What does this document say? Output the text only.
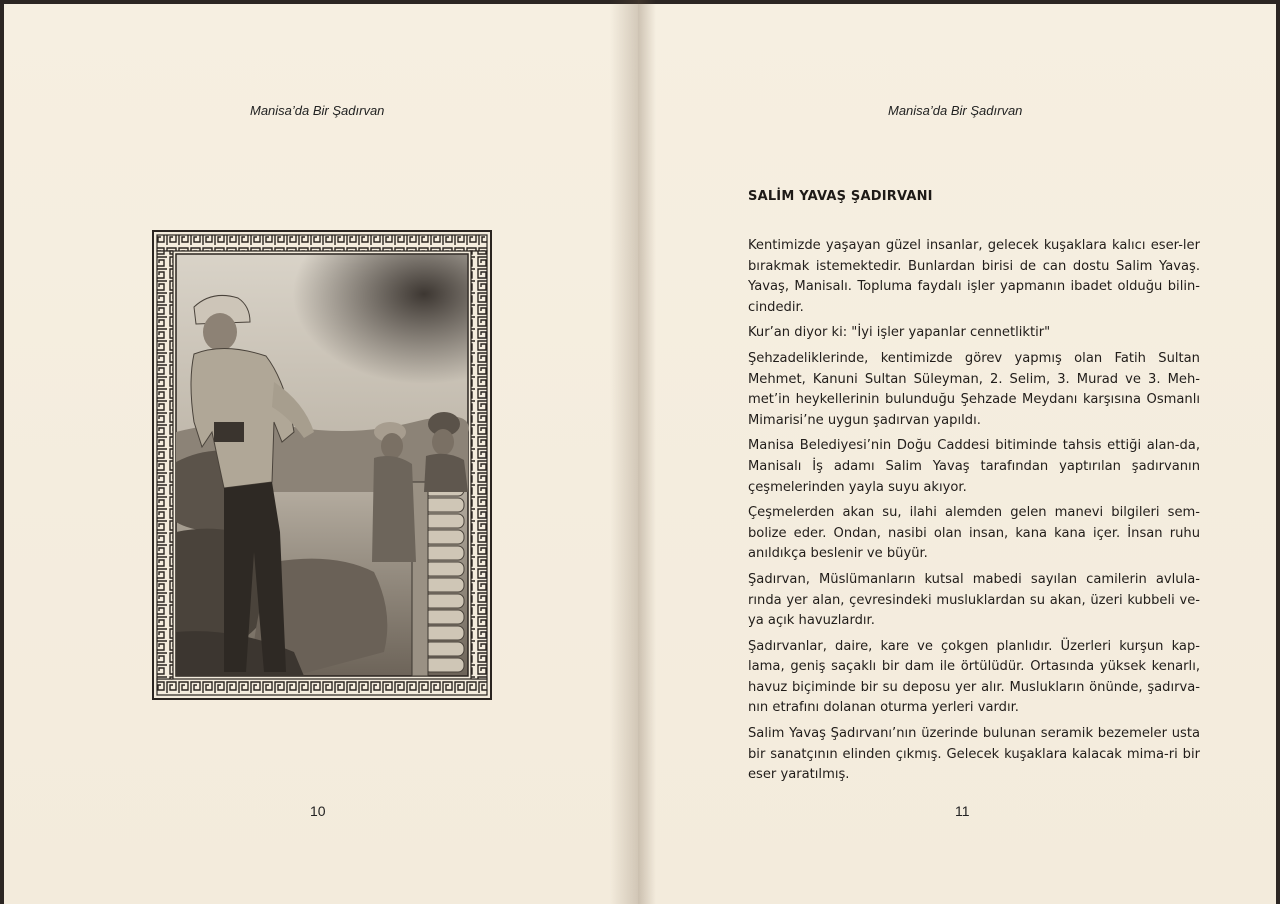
Manisa’da Bir Şadırvan
10
Manisa’da Bir Şadırvan
SALİM YAVAŞ ŞADIRVANI

Kentimizde yaşayan güzel insanlar, gelecek kuşaklara kalıcı eser-ler bırakmak istemektedir. Bunlardan birisi de can dostu Salim Yavaş. Yavaş, Manisalı. Topluma faydalı işler yapmanın ibadet olduğu bilin-cindedir.

Kur’an diyor ki: "İyi işler yapanlar cennetliktir"

Şehzadeliklerinde, kentimizde görev yapmış olan Fatih Sultan Mehmet, Kanuni Sultan Süleyman, 2. Selim, 3. Murad ve 3. Meh-met’in heykellerinin bulunduğu Şehzade Meydanı karşısına Osmanlı Mimarisi’ne uygun şadırvan yapıldı.

Manisa Belediyesi’nin Doğu Caddesi bitiminde tahsis ettiği alan-da, Manisalı İş adamı Salim Yavaş tarafından yaptırılan şadırvanın çeşmelerinden yayla suyu akıyor.

Çeşmelerden akan su, ilahi alemden gelen manevi bilgileri sem-bolize eder. Ondan, nasibi olan insan, kana kana içer. İnsan ruhu anıldıkça beslenir ve büyür.

Şadırvan, Müslümanların kutsal mabedi sayılan camilerin avlula-rında yer alan, çevresindeki musluklardan su akan, üzeri kubbeli ve-ya açık havuzlardır.

Şadırvanlar, daire, kare ve çokgen planlıdır. Üzerleri kurşun kap-lama, geniş saçaklı bir dam ile örtülüdür. Ortasında yüksek kenarlı, havuz biçiminde bir su deposu yer alır. Muslukların önünde, şadırva-nın etrafını dolanan oturma yerleri vardır.

Salim Yavaş Şadırvanı’nın üzerinde bulunan seramik bezemeler usta bir sanatçının elinden çıkmış. Gelecek kuşaklara kalacak mima-ri bir eser yaratılmış.

11
